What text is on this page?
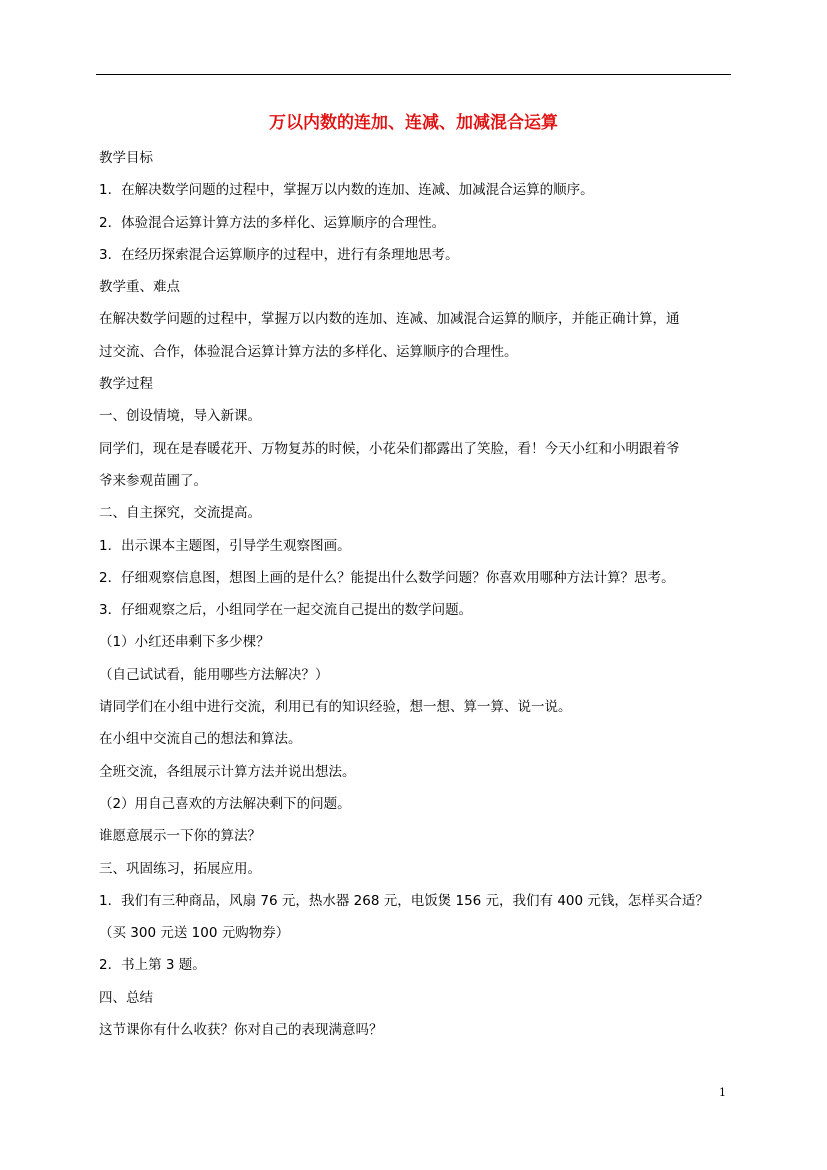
万以内数的连加、连减、加减混合运算
教学目标
1．在解决数学问题的过程中，掌握万以内数的连加、连减、加减混合运算的顺序。
2．体验混合运算计算方法的多样化、运算顺序的合理性。
3．在经历探索混合运算顺序的过程中，进行有条理地思考。
教学重、难点
在解决数学问题的过程中，掌握万以内数的连加、连减、加减混合运算的顺序，并能正确计算，通
过交流、合作，体验混合运算计算方法的多样化、运算顺序的合理性。
教学过程
一、创设情境，导入新课。
同学们，现在是春暖花开、万物复苏的时候，小花朵们都露出了笑脸，看！今天小红和小明跟着爷
爷来参观苗圃了。
二、自主探究，交流提高。
1．出示课本主题图，引导学生观察图画。
2．仔细观察信息图，想图上画的是什么？能提出什么数学问题？你喜欢用哪种方法计算？思考。
3．仔细观察之后，小组同学在一起交流自己提出的数学问题。
（1）小红还串剩下多少棵？
（自己试试看，能用哪些方法解决？）
请同学们在小组中进行交流，利用已有的知识经验，想一想、算一算、说一说。
在小组中交流自己的想法和算法。
全班交流，各组展示计算方法并说出想法。
（2）用自己喜欢的方法解决剩下的问题。
谁愿意展示一下你的算法？
三、巩固练习，拓展应用。
1．我们有三种商品，风扇 76 元，热水器 268 元，电饭煲 156 元，我们有 400 元钱，怎样买合适？
（买 300 元送 100 元购物券）
2．书上第 3 题。
四、总结
这节课你有什么收获？你对自己的表现满意吗？
1
